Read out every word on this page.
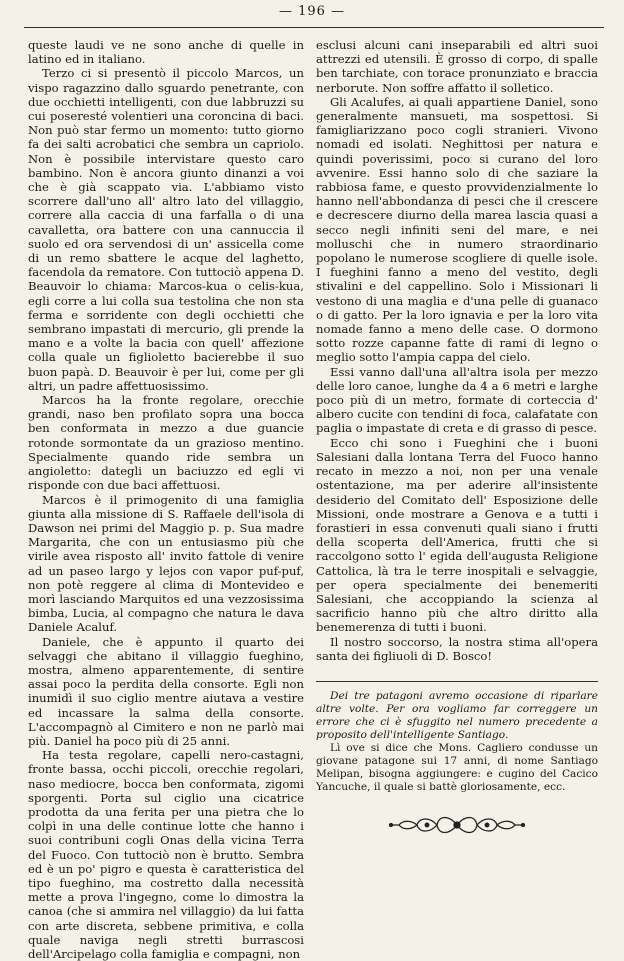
— 196 —

queste laudi ve ne sono anche di quelle in latino ed in italiano.

Terzo ci si presentò il piccolo Marcos, un vispo ragazzino dallo sguardo penetrante, con due occhietti intelligenti, con due labbruzzi su cui poseresté volentieri una coroncina di baci. Non può star fermo un momento: tutto giorno fa dei salti acrobatici che sembra un capriolo. Non è possibile intervistare questo caro bambino. Non è ancora giunto dinanzi a voi che è già scappato via. L'abbiamo visto scorrere dall'uno all' altro lato del villaggio, correre alla caccia di una farfalla o di una cavalletta, ora battere con una cannuccia il suolo ed ora servendosi di un' assicella come di un remo sbattere le acque del laghetto, facendola da rematore. Con tuttociò appena D. Beauvoir lo chiama: Marcos-kua o celis-kua, egli corre a lui colla sua testolina che non sta ferma e sorridente con degli occhietti che sembrano impastati di mercurio, gli prende la mano e a volte la bacia con quell' affezione colla quale un figlioletto bacierebbe il suo buon papà. D. Beauvoir è per lui, come per gli altri, un padre affettuosissimo.

Marcos ha la fronte regolare, orecchie grandi, naso ben profilato sopra una bocca ben conformata in mezzo a due guancie rotonde sormontate da un grazioso mentino. Specialmente quando ride sembra un angioletto: dategli un baciuzzo ed egli vi risponde con due baci affettuosi.

Marcos è il primogenito di una famiglia giunta alla missione di S. Raffaele dell'isola di Dawson nei primi del Maggio p. p. Sua madre Margarita, che con un entusiasmo più che virile avea risposto all' invito fattole di venire ad un paseo largo y lejos con vapor puf-puf, non potè reggere al clima di Montevideo e morì lasciando Marquitos ed una vezzosissima bimba, Lucia, al compagno che natura le dava Daniele Acaluf.

Daniele, che è appunto il quarto dei selvaggi che abitano il villaggio fueghino, mostra, almeno apparentemente, di sentire assai poco la perdita della consorte. Egli non inumidì il suo ciglio mentre aiutava a vestire ed incassare la salma della consorte. L'accompagnò al Cimitero e non ne parlò mai più. Daniel ha poco più di 25 anni.

Ha testa regolare, capelli nero-castagni, fronte bassa, occhi piccoli, orecchie regolari, naso mediocre, bocca ben conformata, zigomi sporgenti. Porta sul ciglio una cicatrice prodotta da una ferita per una pietra che lo colpì in una delle continue lotte che hanno i suoi contribuni cogli Onas della vicina Terra del Fuoco. Con tuttociò non è brutto. Sembra ed è un po' pigro e questa è caratteristica del tipo fueghino, ma costretto dalla necessità mette a prova l'ingegno, come lo dimostra la canoa (che si ammira nel villaggio) da lui fatta con arte discreta, sebbene primitiva, e colla quale naviga negli stretti burrascosi dell'Arcipelago colla famiglia e compagni, non

esclusi alcuni cani inseparabili ed altri suoi attrezzi ed utensili. È grosso di corpo, di spalle ben tarchiate, con torace pronunziato e braccia nerborute. Non soffre affatto il solletico.

Gli Acalufes, ai quali appartiene Daniel, sono generalmente mansueti, ma sospettosi. Si famigliarizzano poco cogli stranieri. Vivono nomadi ed isolati. Neghittosi per natura e quindi poverissimi, poco si curano del loro avvenire. Essi hanno solo di che saziare la rabbiosa fame, e questo provvidenzialmente lo hanno nell'abbondanza di pesci che il crescere e decrescere diurno della marea lascia quasi a secco negli infiniti seni del mare, e nei molluschi che in numero straordinario popolano le numerose scogliere di quelle isole. I fueghini fanno a meno del vestito, degli stivalini e del cappellino. Solo i Missionari li vestono di una maglia e d'una pelle di guanaco o di gatto. Per la loro ignavia e per la loro vita nomade fanno a meno delle case. O dormono sotto rozze capanne fatte di rami di legno o meglio sotto l'ampia cappa del cielo.

Essi vanno dall'una all'altra isola per mezzo delle loro canoe, lunghe da 4 a 6 metri e larghe poco più di un metro, formate di corteccia d' albero cucite con tendini di foca, calafatate con paglia o impastate di creta e di grasso di pesce.

Ecco chi sono i Fueghini che i buoni Salesiani dalla lontana Terra del Fuoco hanno recato in mezzo a noi, non per una venale ostentazione, ma per aderire all'insistente desiderio del Comitato dell' Esposizione delle Missioni, onde mostrare a Genova e a tutti i forastieri in essa convenuti quali siano i frutti della scoperta dell'America, frutti che si raccolgono sotto l' egida dell'augusta Religione Cattolica, là tra le terre inospitali e selvaggie, per opera specialmente dei benemeriti Salesiani, che accoppiando la scienza al sacrificio hanno più che altro diritto alla benemerenza di tutti i buoni.

Il nostro soccorso, la nostra stima all'opera santa dei figliuoli di D. Bosco!

Dei tre patagoni avremo occasione di riparlare altre volte. Per ora vogliamo far correggere un errore che ci è sfuggito nel numero precedente a proposito dell'intelligente Santiago.

Lì ove si dice che Mons. Cagliero condusse un giovane patagone sui 17 anni, di nome Santiago Melipan, bisogna aggiungere: e cugino del Cacico Yancuche, il quale si battè gloriosamente, ecc.
